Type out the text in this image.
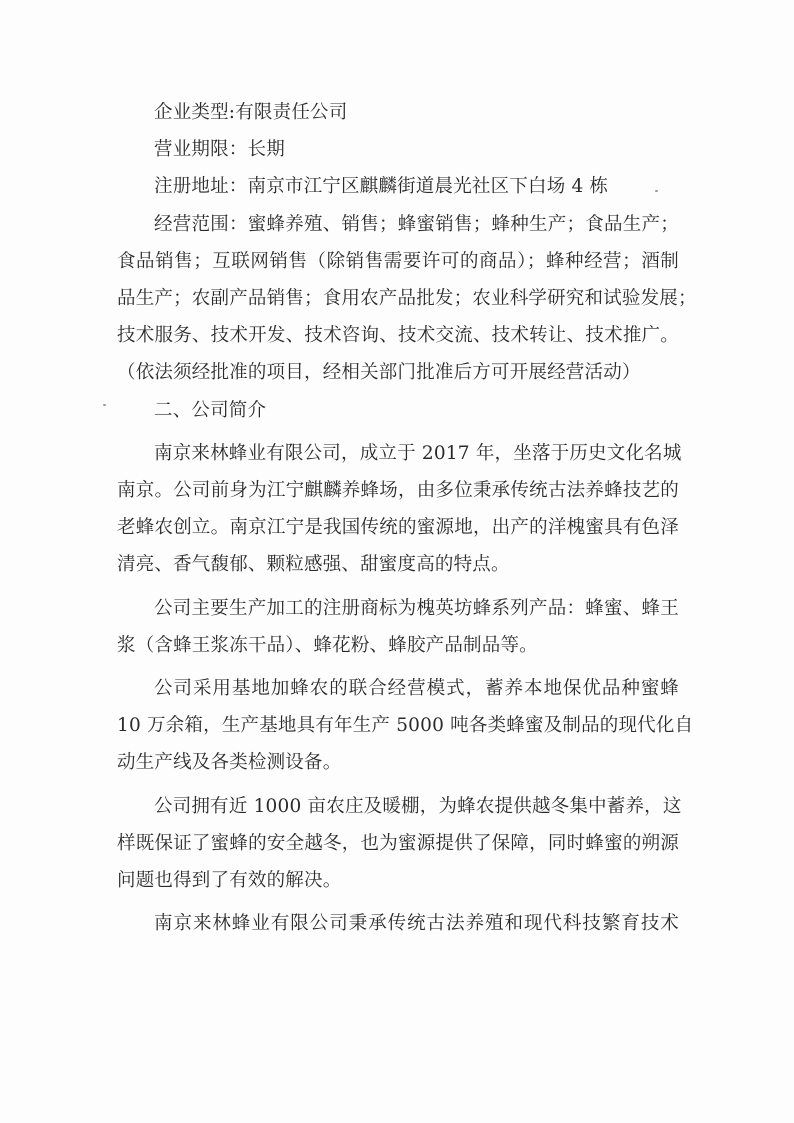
企业类型:有限责任公司
营业期限：长期
注册地址：南京市江宁区麒麟街道晨光社区下白场 4 栋
经营范围：蜜蜂养殖、销售；蜂蜜销售；蜂种生产；食品生产；
食品销售；互联网销售（除销售需要许可的商品）；蜂种经营；酒制
品生产；农副产品销售；食用农产品批发；农业科学研究和试验发展；
技术服务、技术开发、技术咨询、技术交流、技术转让、技术推广。
（依法须经批准的项目，经相关部门批准后方可开展经营活动）
二、公司简介
南京来林蜂业有限公司，成立于 2017 年，坐落于历史文化名城
南京。公司前身为江宁麒麟养蜂场，由多位秉承传统古法养蜂技艺的
老蜂农创立。南京江宁是我国传统的蜜源地，出产的洋槐蜜具有色泽
清亮、香气馥郁、颗粒感强、甜蜜度高的特点。
公司主要生产加工的注册商标为槐英坊蜂系列产品：蜂蜜、蜂王
浆（含蜂王浆冻干品）、蜂花粉、蜂胶产品制品等。
公司采用基地加蜂农的联合经营模式，蓄养本地保优品种蜜蜂
10 万余箱，生产基地具有年生产 5000 吨各类蜂蜜及制品的现代化自
动生产线及各类检测设备。
公司拥有近 1000 亩农庄及暖棚，为蜂农提供越冬集中蓄养，这
样既保证了蜜蜂的安全越冬，也为蜜源提供了保障，同时蜂蜜的朔源
问题也得到了有效的解决。
南京来林蜂业有限公司秉承传统古法养殖和现代科技繁育技术
